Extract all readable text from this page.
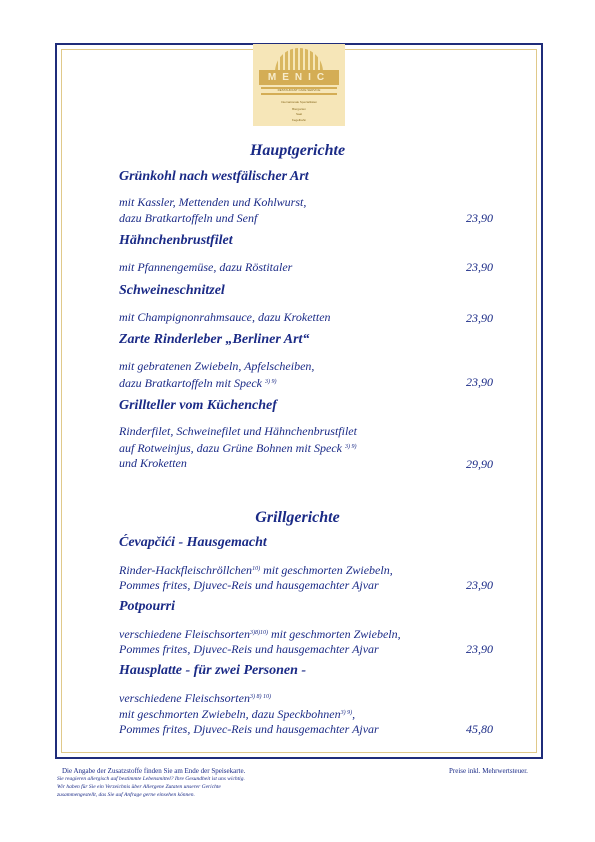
MENIC
RESTAURANT CAFE SERVICE
Internationale Spezialitäten
Biergarten
Saal
Kegelbahn
Hauptgerichte
Grünkohl nach westfälischer Art
mit Kassler, Mettenden und Kohlwurst,
dazu Bratkartoffeln und Senf	23,90
Hähnchenbrustfilet
mit Pfannengemüse, dazu Röstitaler	23,90
Schweineschnitzel
mit Champignonrahmsauce, dazu Kroketten	23,90
Zarte Rinderleber „Berliner Art“
mit gebratenen Zwiebeln, Apfelscheiben,
dazu Bratkartoffeln mit Speck $^{3) 9)}$	23,90
Grillteller vom Küchenchef
Rinderfilet, Schweinefilet und Hähnchenbrustfilet
auf Rotweinjus, dazu Grüne Bohnen mit Speck $^{3) 9)}$
und Kroketten	29,90
Grillgerichte
Ćevapčići - Hausgemacht
Rinder-Hackfleischröllchen$^{10)}$ mit geschmorten Zwiebeln,
Pommes frites, Djuvec-Reis und hausgemachter Ajvar	23,90
Potpourri
verschiedene Fleischsorten$^{3)8)10)}$ mit geschmorten Zwiebeln,
Pommes frites, Djuvec-Reis und hausgemachter Ajvar	23,90
Hausplatte - für zwei Personen -
verschiedene Fleischsorten$^{3) 8) 10)}$
mit geschmorten Zwiebeln, dazu Speckbohnen$^{3) 9)}$,
Pommes frites, Djuvec-Reis und hausgemachter Ajvar	45,80
Die Angabe der Zusatzstoffe finden Sie am Ende der Speisekarte.	Preise inkl. Mehrwertsteuer.
Sie reagieren allergisch auf bestimmte Lebensmittel? Ihre Gesundheit ist uns wichtig.
Wir haben für Sie ein Verzeichnis über Allergene Zutaten unserer Gerichte
zusammengestellt, das Sie auf Anfrage gerne einsehen können.
